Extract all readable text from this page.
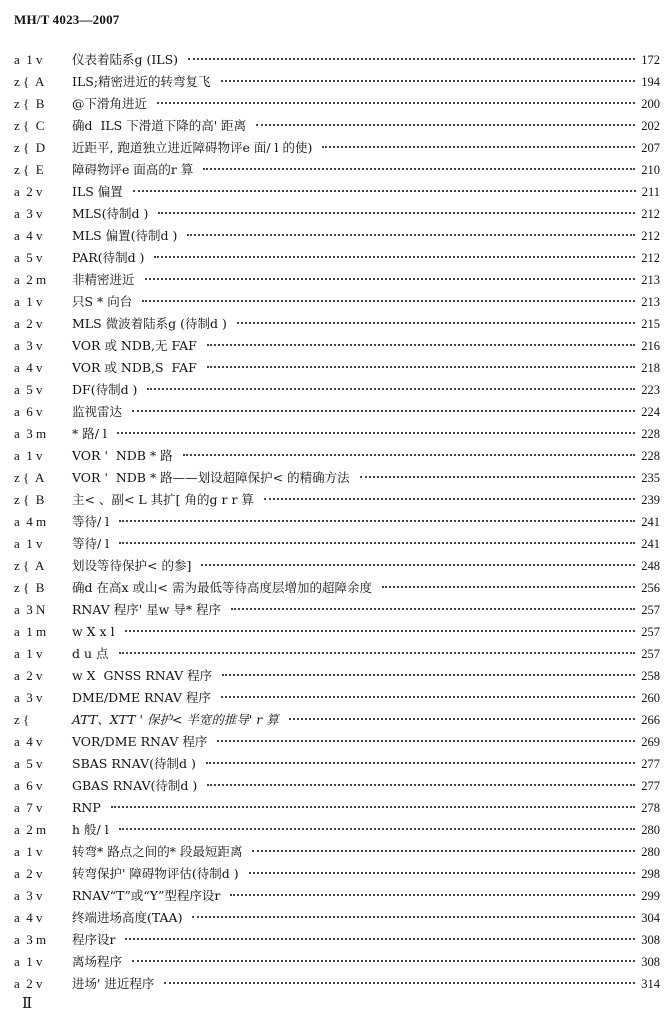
MH/T 4023—2007
a  1 v 仪表着陆系g (ILS)	172
z {  A ILS;精密进近的转弯复飞	194
z {  B @下滑角进近	200
z {  C 确d  ILS 下滑道下降的高' 距离	202
z {  D 近距平, 跑道独立进近障碍物评e 面/ l 的使)	207
z {  E 障碍物评e 面高的r 算	210
a  2 v ILS 偏置	211
a  3 v MLS(待制d )	212
a  4 v MLS 偏置(待制d )	212
a  5 v PAR(待制d )	212
a  2 m 非精密进近	213
a  1 v 只S * 向台	213
a  2 v MLS 微波着陆系g (待制d )	215
a  3 v VOR 或 NDB,无 FAF	216
a  4 v VOR 或 NDB,S  FAF	218
a  5 v DF(待制d )	223
a  6 v 监视雷达	224
a  3 m * 路/ l	228
a  1 v VOR '  NDB * 路	228
z {  A VOR '  NDB * 路——划设超障保护< 的精确方法	235
z {  B 主< 、副< L 其扩[ 角的g r r 算	239
a  4 m 等待/ l	241
a  1 v 等待/ l	241
z {  A 划设等待保护< 的参]	248
z {  B 确d 在高x 或山< 需为最低等待高度层增加的超障余度	256
a  3 N RNAV 程序' 星w 导* 程序	257
a  1 m w X x l	257
a  1 v d u 点	257
a  2 v w X  GNSS RNAV 程序	258
a  3 v DME/DME RNAV 程序	260
z {	ATT、XTT ' 保护< 半宽的推导' r 算	266
a  4 v VOR/DME RNAV 程序	269
a  5 v SBAS RNAV(待制d )	277
a  6 v GBAS RNAV(待制d )	277
a  7 v RNP	278
a  2 m h 般/ l	280
a  1 v 转弯* 路点之间的* 段最短距离	280
a  2 v 转弯保护' 障碍物评估(待制d )	298
a  3 v RNAV“T”或“Y”型程序设r	299
a  4 v 终端进场高度(TAA)	304
a  3 m 程序设r	308
a  1 v 离场程序	308
a  2 v 进场' 进近程序	314
Ⅱ
